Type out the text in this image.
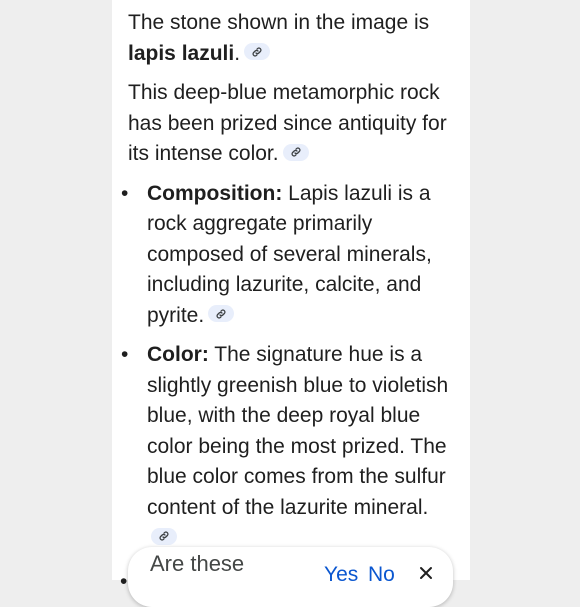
The stone shown in the image is lapis lazuli.

This deep-blue metamorphic rock has been prized since antiquity for its intense color.

• Composition: Lapis lazuli is a rock aggregate primarily composed of several minerals, including lazurite, calcite, and pyrite.
• Color: The signature hue is a slightly greenish blue to violetish blue, with the deep royal blue color being the most prized. The blue color comes from the sulfur content of the lazurite mineral.
•
Are these	Yes No
